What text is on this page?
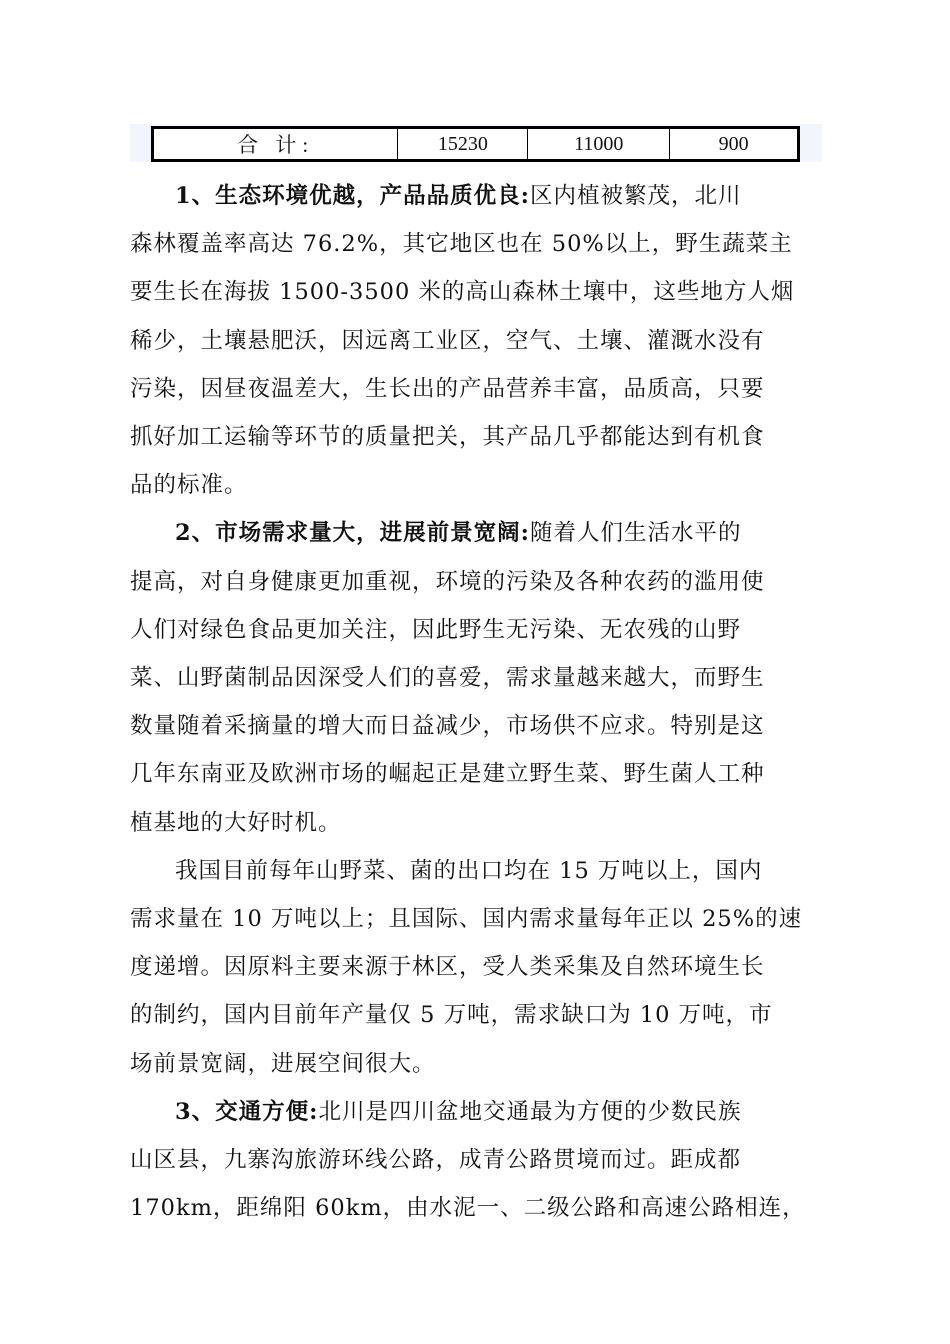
合 计:	15230	11000	900
1、生态环境优越，产品品质优良:区内植被繁茂，北川
森林覆盖率高达 76.2%，其它地区也在 50%以上，野生蔬菜主
要生长在海拔 1500-3500 米的高山森林土壤中，这些地方人烟
稀少，土壤悬肥沃，因远离工业区，空气、土壤、灌溉水没有
污染，因昼夜温差大，生长出的产品营养丰富，品质高，只要
抓好加工运输等环节的质量把关，其产品几乎都能达到有机食
品的标准。
2、市场需求量大，进展前景宽阔:随着人们生活水平的
提高，对自身健康更加重视，环境的污染及各种农药的滥用使
人们对绿色食品更加关注，因此野生无污染、无农残的山野
菜、山野菌制品因深受人们的喜爱，需求量越来越大，而野生
数量随着采摘量的增大而日益减少，市场供不应求。特别是这
几年东南亚及欧洲市场的崛起正是建立野生菜、野生菌人工种
植基地的大好时机。
我国目前每年山野菜、菌的出口均在 15 万吨以上，国内
需求量在 10 万吨以上；且国际、国内需求量每年正以 25%的速
度递增。因原料主要来源于林区，受人类采集及自然环境生长
的制约，国内目前年产量仅 5 万吨，需求缺口为 10 万吨，市
场前景宽阔，进展空间很大。
3、交通方便:北川是四川盆地交通最为方便的少数民族
山区县，九寨沟旅游环线公路，成青公路贯境而过。距成都
170km，距绵阳 60km，由水泥一、二级公路和高速公路相连，
